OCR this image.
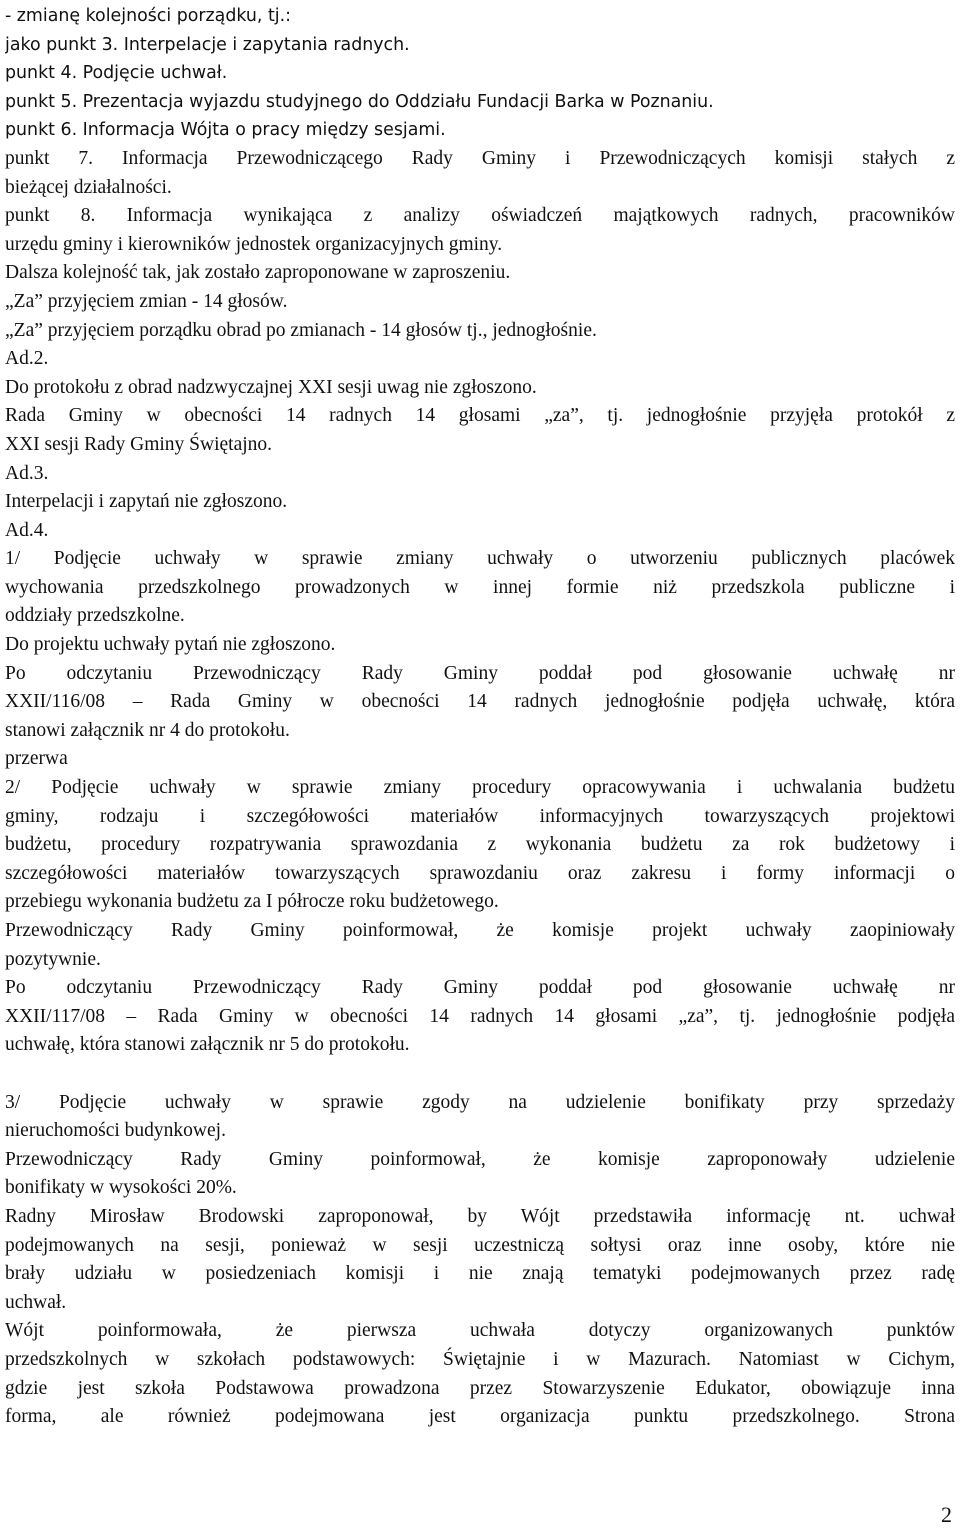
- zmianę kolejności porządku, tj.:
jako punkt 3. Interpelacje i zapytania radnych.
punkt 4. Podjęcie uchwał.
punkt 5. Prezentacja wyjazdu studyjnego do Oddziału Fundacji Barka w Poznaniu.
punkt 6. Informacja Wójta o pracy między sesjami.
punkt 7. Informacja Przewodniczącego Rady Gminy i Przewodniczących komisji stałych z
bieżącej działalności.
punkt 8. Informacja wynikająca z analizy oświadczeń majątkowych radnych, pracowników
urzędu gminy i kierowników jednostek organizacyjnych gminy.
Dalsza kolejność tak, jak zostało zaproponowane w zaproszeniu.
„Za” przyjęciem zmian - 14 głosów.
„Za” przyjęciem porządku obrad po zmianach - 14 głosów tj., jednogłośnie.
Ad.2.
Do protokołu z obrad nadzwyczajnej XXI sesji uwag nie zgłoszono.
Rada Gminy w obecności 14 radnych 14 głosami „za”, tj. jednogłośnie przyjęła protokół z
XXI sesji Rady Gminy Świętajno.
Ad.3.
Interpelacji i zapytań nie zgłoszono.
Ad.4.
1/ Podjęcie uchwały w sprawie zmiany uchwały o utworzeniu publicznych placówek
wychowania przedszkolnego prowadzonych w innej formie niż przedszkola publiczne i
oddziały przedszkolne.
Do projektu uchwały pytań nie zgłoszono.
Po odczytaniu Przewodniczący Rady Gminy poddał pod głosowanie uchwałę nr
XXII/116/08 – Rada Gminy w obecności 14 radnych jednogłośnie podjęła uchwałę, która
stanowi załącznik nr 4 do protokołu.
przerwa
2/ Podjęcie uchwały w sprawie zmiany procedury opracowywania i uchwalania budżetu
gminy, rodzaju i szczegółowości materiałów informacyjnych towarzyszących projektowi
budżetu, procedury rozpatrywania sprawozdania z wykonania budżetu za rok budżetowy i
szczegółowości materiałów towarzyszących sprawozdaniu oraz zakresu i formy informacji o
przebiegu wykonania budżetu za I półrocze roku budżetowego.
Przewodniczący Rady Gminy poinformował, że komisje projekt uchwały zaopiniowały
pozytywnie.
Po odczytaniu Przewodniczący Rady Gminy poddał pod głosowanie uchwałę nr
XXII/117/08 – Rada Gminy w obecności 14 radnych 14 głosami „za”, tj. jednogłośnie podjęła
uchwałę, która stanowi załącznik nr 5 do protokołu.
3/ Podjęcie uchwały w sprawie zgody na udzielenie bonifikaty przy sprzedaży
nieruchomości budynkowej.
Przewodniczący Rady Gminy poinformował, że komisje zaproponowały udzielenie
bonifikaty w wysokości 20%.
Radny Mirosław Brodowski zaproponował, by Wójt przedstawiła informację nt. uchwał
podejmowanych na sesji, ponieważ w sesji uczestniczą sołtysi oraz inne osoby, które nie
brały udziału w posiedzeniach komisji i nie znają tematyki podejmowanych przez radę
uchwał.
Wójt poinformowała, że pierwsza uchwała dotyczy organizowanych punktów
przedszkolnych w szkołach podstawowych: Świętajnie i w Mazurach. Natomiast w Cichym,
gdzie jest szkoła Podstawowa prowadzona przez Stowarzyszenie Edukator, obowiązuje inna
forma, ale również podejmowana jest organizacja punktu przedszkolnego. Strona
2
